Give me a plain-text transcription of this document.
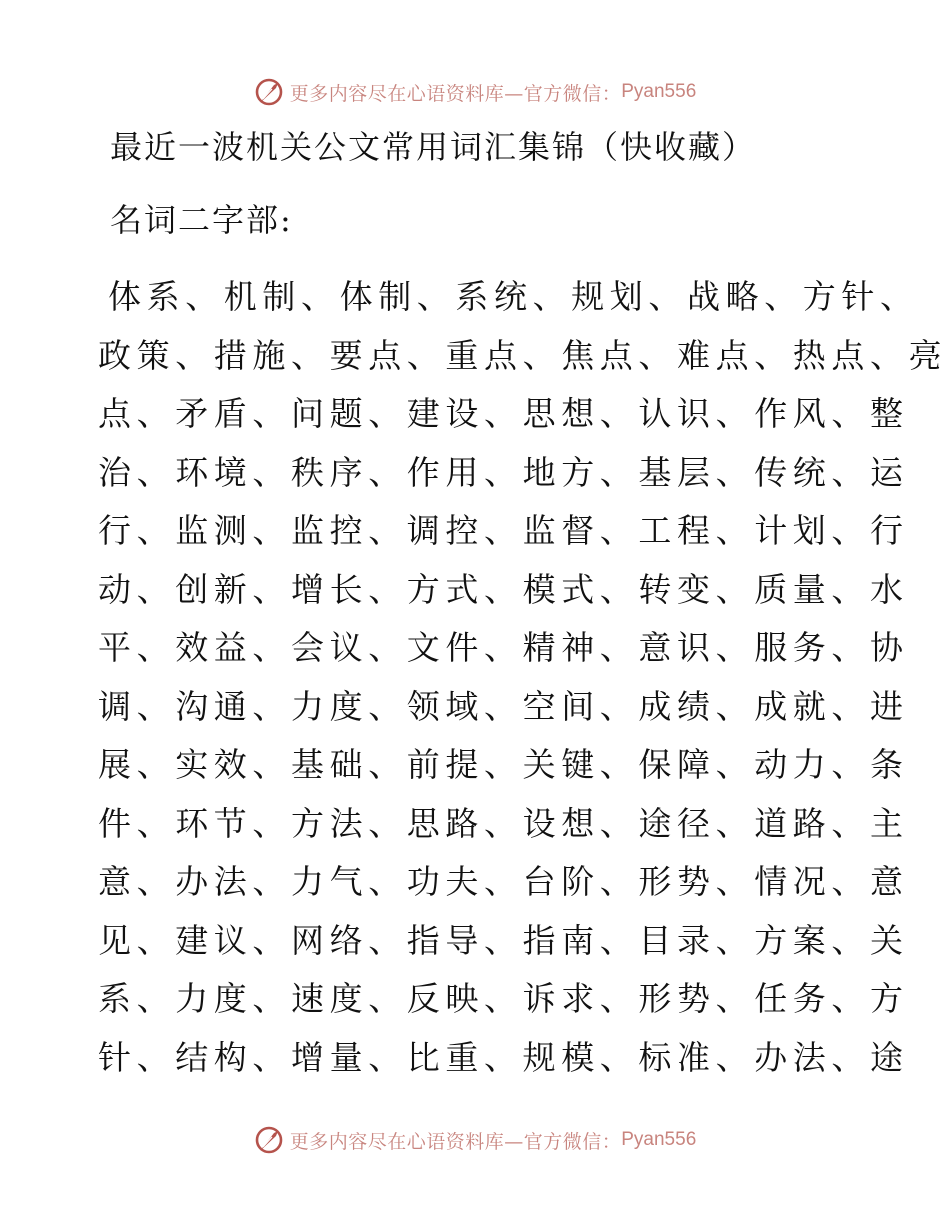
更多内容尽在心语资料库—官方微信： Pyan556
最近一波机关公文常用词汇集锦（快收藏）
名词二字部:
体系、机制、体制、系统、规划、战略、方针、
政策、措施、要点、重点、焦点、难点、热点、亮
点、矛盾、问题、建设、思想、认识、作风、整
治、环境、秩序、作用、地方、基层、传统、运
行、监测、监控、调控、监督、工程、计划、行
动、创新、增长、方式、模式、转变、质量、水
平、效益、会议、文件、精神、意识、服务、协
调、沟通、力度、领域、空间、成绩、成就、进
展、实效、基础、前提、关键、保障、动力、条
件、环节、方法、思路、设想、途径、道路、主
意、办法、力气、功夫、台阶、形势、情况、意
见、建议、网络、指导、指南、目录、方案、关
系、力度、速度、反映、诉求、形势、任务、方
针、结构、增量、比重、规模、标准、办法、途
更多内容尽在心语资料库—官方微信： Pyan556
